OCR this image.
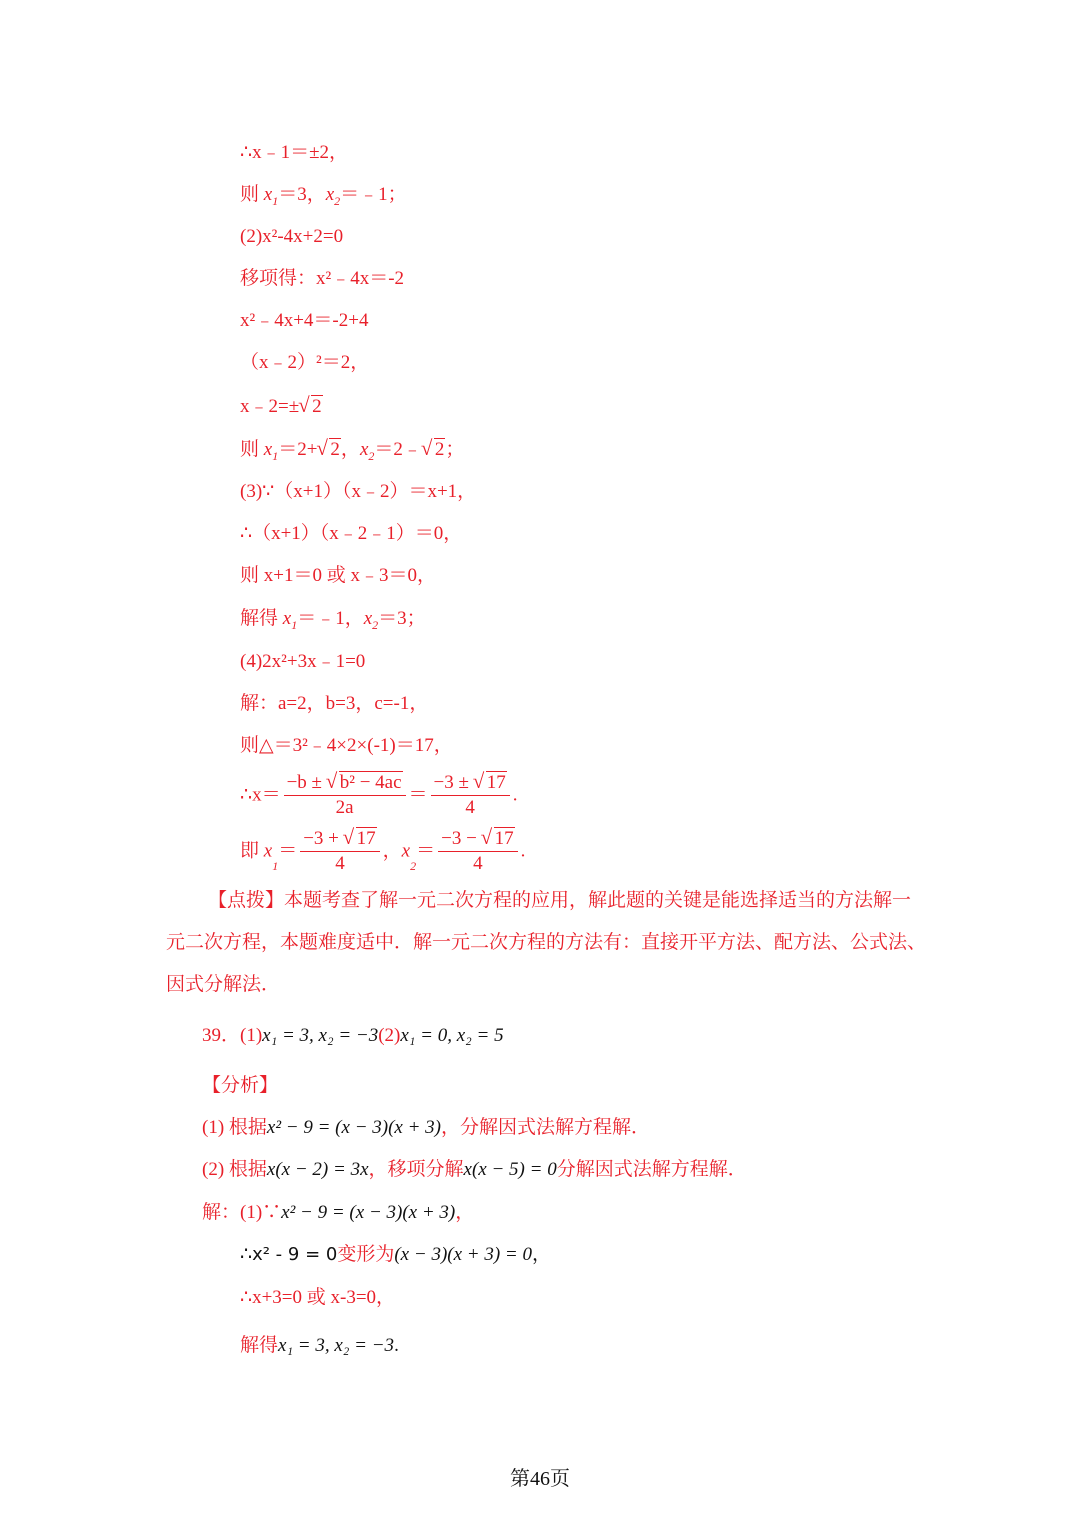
∴x﹣1＝±2，
则 $x_1=3$，$x_2=﹣1$；
(2)x²-4x+2=0
移项得：x²﹣4x＝-2
x²﹣4x+4＝-2+4
（x﹣2）²＝2，
x﹣2=±√ 2
则 $x_1=2+√$ 2，$x_2=2﹣√$ 2；
(3)∵（x+1）（x﹣2）＝x+1，
∴（x+1）（x﹣2﹣1）＝0，
则 x+1＝0 或 x﹣3＝0，
解得 $x_1=﹣1$，$x_2=3$；
(4)2x²+3x﹣1=0
解：a=2，b=3，c=-1，
则△＝3²﹣4×2×(-1)＝17，
∴x＝ $\frac{\text{−b ± √ b² − 4ac}}{2a} = \frac{-3 \pm √ 17}{4}$ .
即 $x_1= \frac{-3 + √ 17}{4}$ ，$x_2= \frac{-3 - √ 17}{4}$ .
【点拨】本题考查了解一元二次方程的应用，解此题的关键是能选择适当的方法解一元二次方程，本题难度适中．解一元二次方程的方法有：直接开平方法、配方法、公式法、因式分解法．
39．(1)x₁ = 3, x₂ = −3(2)x₁ = 0, x₂ = 5
【分析】
(1) 根据x² − 9 = (x − 3)(x + 3)，分解因式法解方程解．
(2) 根据x(x − 2) = 3x，移项分解x(x − 5) = 0分解因式法解方程解．
解：(1)∵x² − 9 = (x − 3)(x + 3)，
∴x² - 9 = 0变形为(x − 3)(x + 3) = 0，
∴x+3=0 或 x-3=0，
解得x₁ = 3, x₂ = −3.
第46页
